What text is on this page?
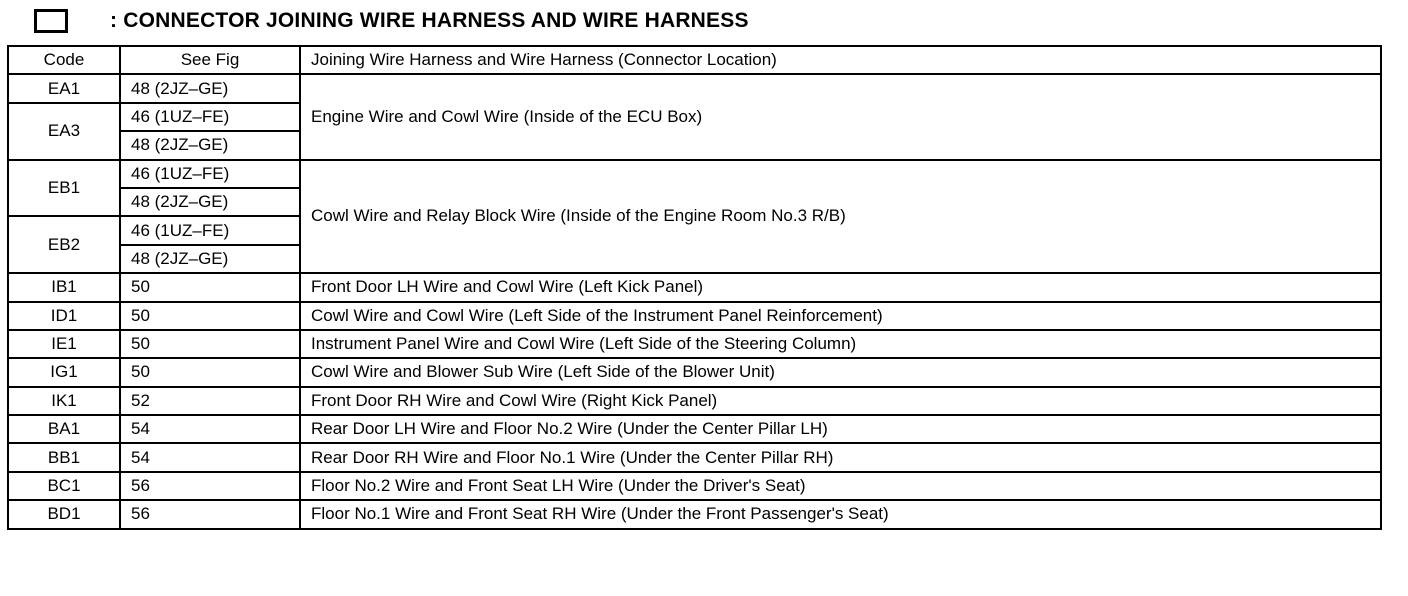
: CONNECTOR JOINING WIRE HARNESS AND WIRE HARNESS
Code	See Fig	Joining Wire Harness and Wire Harness (Connector Location)
EA1	48 (2JZ–GE)	Engine Wire and Cowl Wire (Inside of the ECU Box)
EA3	46 (1UZ–FE)	
	48 (2JZ–GE)	
EB1	46 (1UZ–FE)	Cowl Wire and Relay Block Wire (Inside of the Engine Room No.3 R/B)
	48 (2JZ–GE)	
EB2	46 (1UZ–FE)	
	48 (2JZ–GE)	
IB1	50	Front Door LH Wire and Cowl Wire (Left Kick Panel)
ID1	50	Cowl Wire and Cowl Wire (Left Side of the Instrument Panel Reinforcement)
IE1	50	Instrument Panel Wire and Cowl Wire (Left Side of the Steering Column)
IG1	50	Cowl Wire and Blower Sub Wire (Left Side of the Blower Unit)
IK1	52	Front Door RH Wire and Cowl Wire (Right Kick Panel)
BA1	54	Rear Door LH Wire and Floor No.2 Wire (Under the Center Pillar LH)
BB1	54	Rear Door RH Wire and Floor No.1 Wire (Under the Center Pillar RH)
BC1	56	Floor No.2 Wire and Front Seat LH Wire (Under the Driver's Seat)
BD1	56	Floor No.1 Wire and Front Seat RH Wire (Under the Front Passenger's Seat)
